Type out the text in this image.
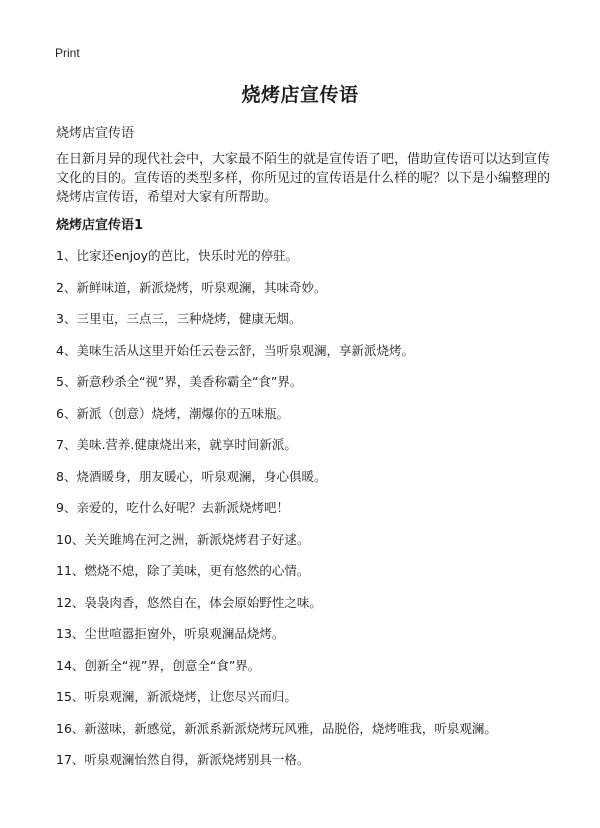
Print
烧烤店宣传语
烧烤店宣传语

在日新月异的现代社会中，大家最不陌生的就是宣传语了吧，借助宣传语可以达到宣传文化的目的。宣传语的类型多样，你所见过的宣传语是什么样的呢？以下是小编整理的烧烤店宣传语，希望对大家有所帮助。

烧烤店宣传语1
1、比家还enjoy的芭比，快乐时光的停驻。
2、新鲜味道，新派烧烤，听泉观澜，其味奇妙。
3、三里屯，三点三，三种烧烤，健康无烟。
4、美味生活从这里开始任云卷云舒，当听泉观澜，享新派烧烤。
5、新意秒杀全“视”界，美香称霸全“食”界。
6、新派（创意）烧烤，潮爆你的五味瓶。
7、美味.营养.健康烧出来，就享时间新派。
8、烧酒暖身，朋友暖心，听泉观澜，身心俱暖。
9、亲爱的，吃什么好呢？去新派烧烤吧！
10、关关雎鸠在河之洲，新派烧烤君子好逑。
11、燃烧不熄，除了美味，更有悠然的心情。
12、袅袅肉香，悠然自在，体会原始野性之味。
13、尘世喧嚣拒窗外，听泉观澜品烧烤。
14、创新全“视”界，创意全“食”界。
15、听泉观澜，新派烧烤，让您尽兴而归。
16、新滋味，新感觉，新派系新派烧烤玩风雅，品脱俗，烧烤唯我，听泉观澜。
17、听泉观澜怡然自得，新派烧烤别具一格。
